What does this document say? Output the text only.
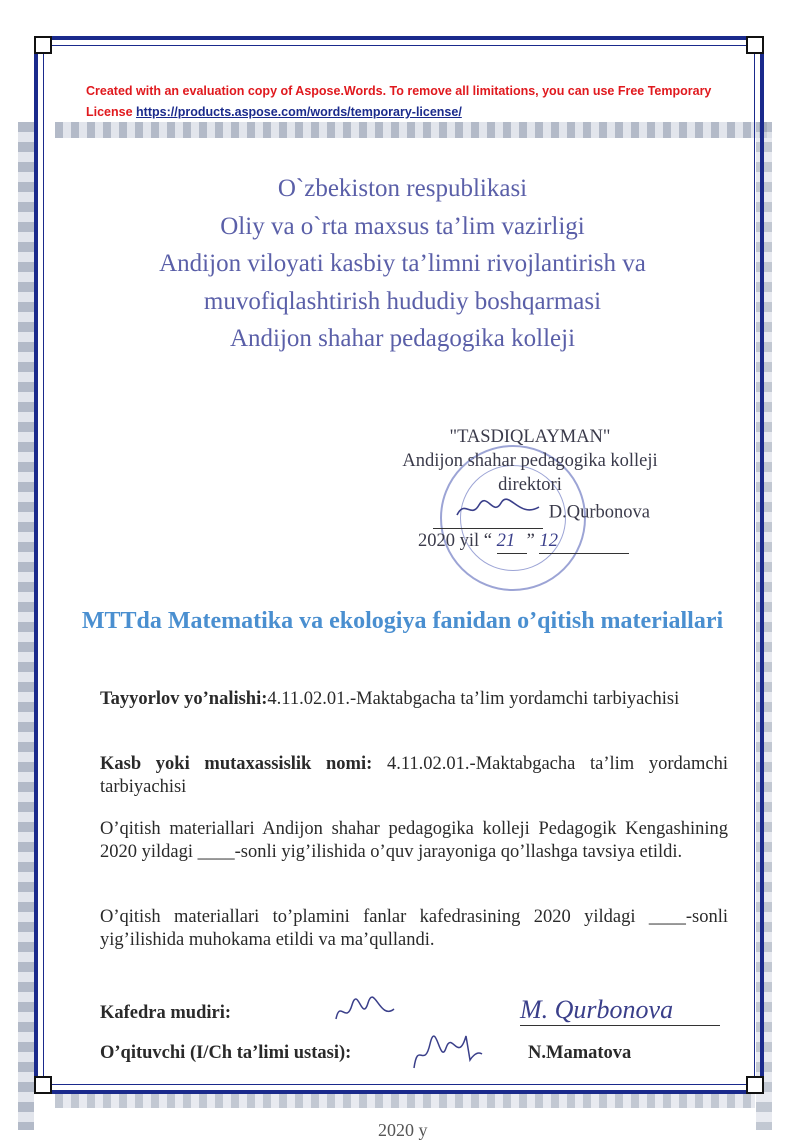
Created with an evaluation copy of Aspose.Words. To remove all limitations, you can use Free Temporary License https://products.aspose.com/words/temporary-license/
O`zbekiston respublikasi
Oliy va o`rta maxsus ta’lim vazirligi
Andijon viloyati kasbiy ta’limni rivojlantirish va
muvofiqlashtirish hududiy boshqarmasi
Andijon shahar pedagogika kolleji
"TASDIQLAYMAN"
Andijon shahar pedagogika kolleji
direktori
D.Qurbonova
2020 yil “ 21 ” 12
MTTda Matematika va ekologiya fanidan o’qitish materiallari
Tayyorlov yo’nalishi:4.11.02.01.-Maktabgacha ta’lim yordamchi tarbiyachisi
Kasb yoki mutaxassislik nomi: 4.11.02.01.-Maktabgacha ta’lim yordamchi tarbiyachisi
O’qitish materiallari Andijon shahar pedagogika kolleji Pedagogik Kengashining 2020 yildagi ____-sonli yig’ilishida o’quv jarayoniga qo’llashga tavsiya etildi.
O’qitish materiallari to’plamini fanlar kafedrasining 2020 yildagi ____-sonli yig’ilishida muhokama etildi va ma’qullandi.
Kafedra mudiri:	M. Qurbonova
O’qituvchi (I/Ch ta’limi ustasi):	N.Mamatova
2020 y
